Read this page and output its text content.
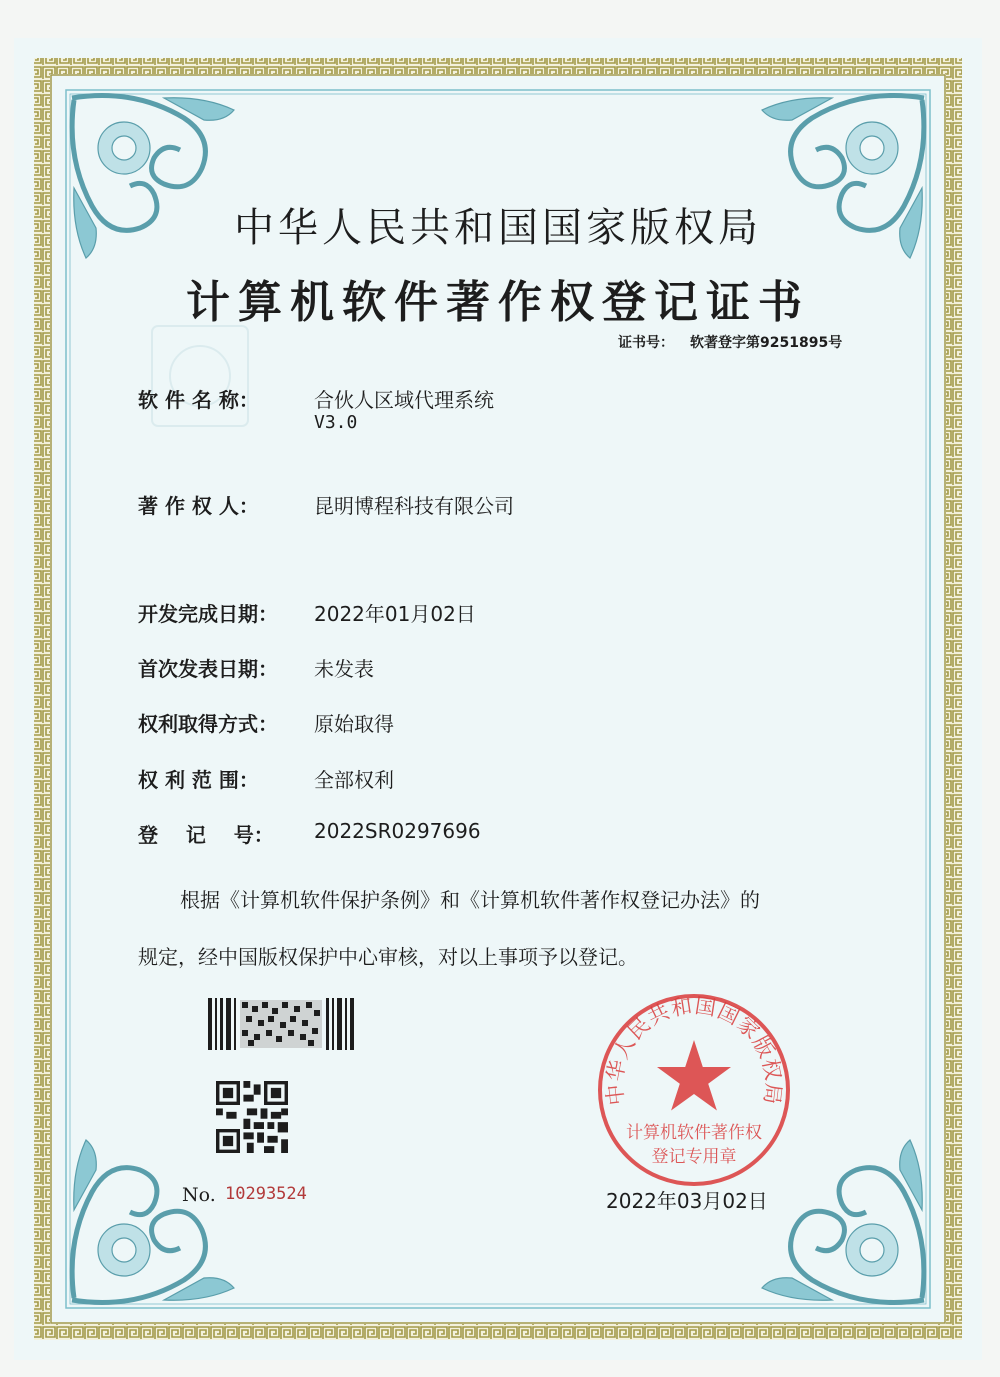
中华人民共和国国家版权局
计算机软件著作权登记证书
证书号： 软著登字第9251895号
软 件 名 称：	合伙人区域代理系统
V3.0
著 作 权 人：	昆明博程科技有限公司
开发完成日期： 2022年01月02日
首次发表日期： 未发表
权利取得方式： 原始取得
权 利 范 围：	全部权利
登    记    号： 2022SR0297696
根据《计算机软件保护条例》和《计算机软件著作权登记办法》的
规定，经中国版权保护中心审核，对以上事项予以登记。
No. 10293524
中华人民共和国国家版权局
计算机软件著作权
登记专用章
2022年03月02日
